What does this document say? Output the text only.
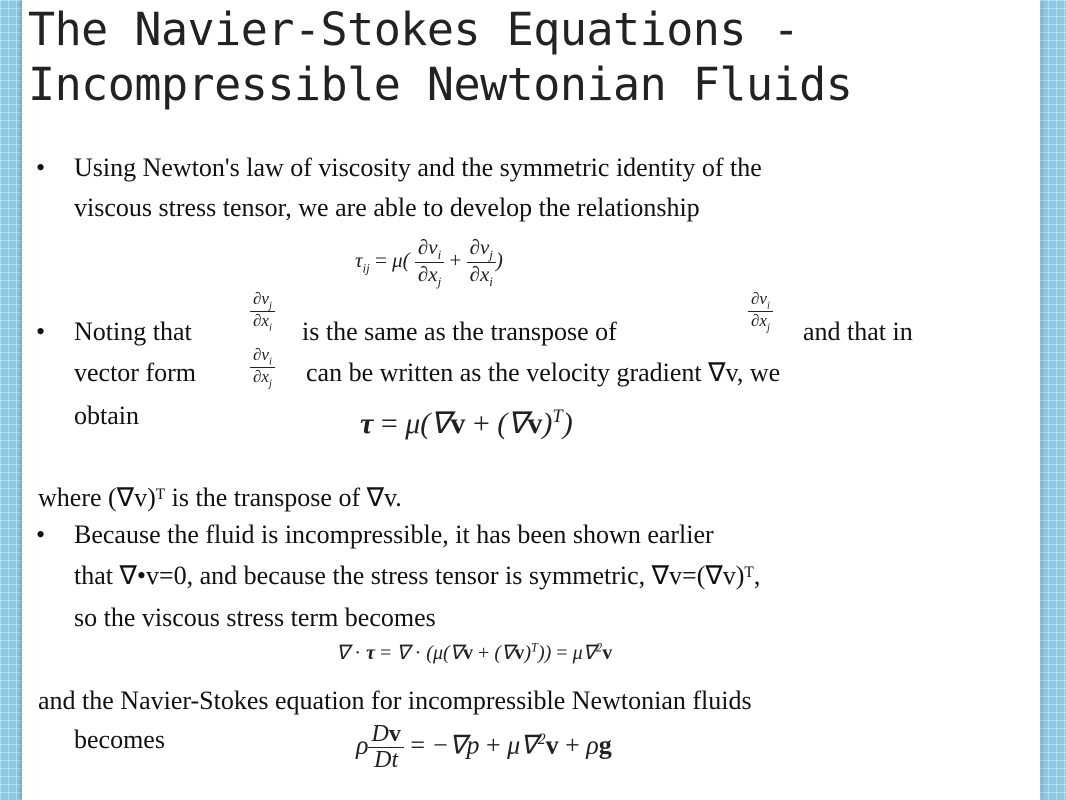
The Navier-Stokes Equations -
Incompressible Newtonian Fluids
• Using Newton's law of viscosity and the symmetric identity of the

viscous stress tensor, we are able to develop the relationship

$\tau_{ij} = \mu( \frac{\partial v_i}{\partial x_j} + \frac{\partial v_j}{\partial x_i}$ )
• Noting that	$\frac{\partial v_j}{\partial x_i}$ is the same as the transpose of	$\frac{\partial v_i}{\partial x_j}$ and that in

vector form	$\frac{\partial v_i}{\partial x_j}$ can be written as the velocity gradient ∇v, we

obtain	$\tau = \mu(\nabla v + (\nabla v)^T)$

where (∇v)ᵀ is the transpose of ∇v.

• Because the fluid is incompressible, it has been shown earlier

that ∇•v=0, and because the stress tensor is symmetric, ∇v=(∇v)ᵀ,

so the viscous stress term becomes

∇ · τ = ∇ · $(\mu(\nabla v + (\nabla v)^T)) = \mu\nabla^2v$

and the Navier-Stokes equation for incompressible Newtonian fluids

becomes	ρ $\frac{Dv}{Dt} = -\nabla p + \mu\nabla^2v + \rho g$
